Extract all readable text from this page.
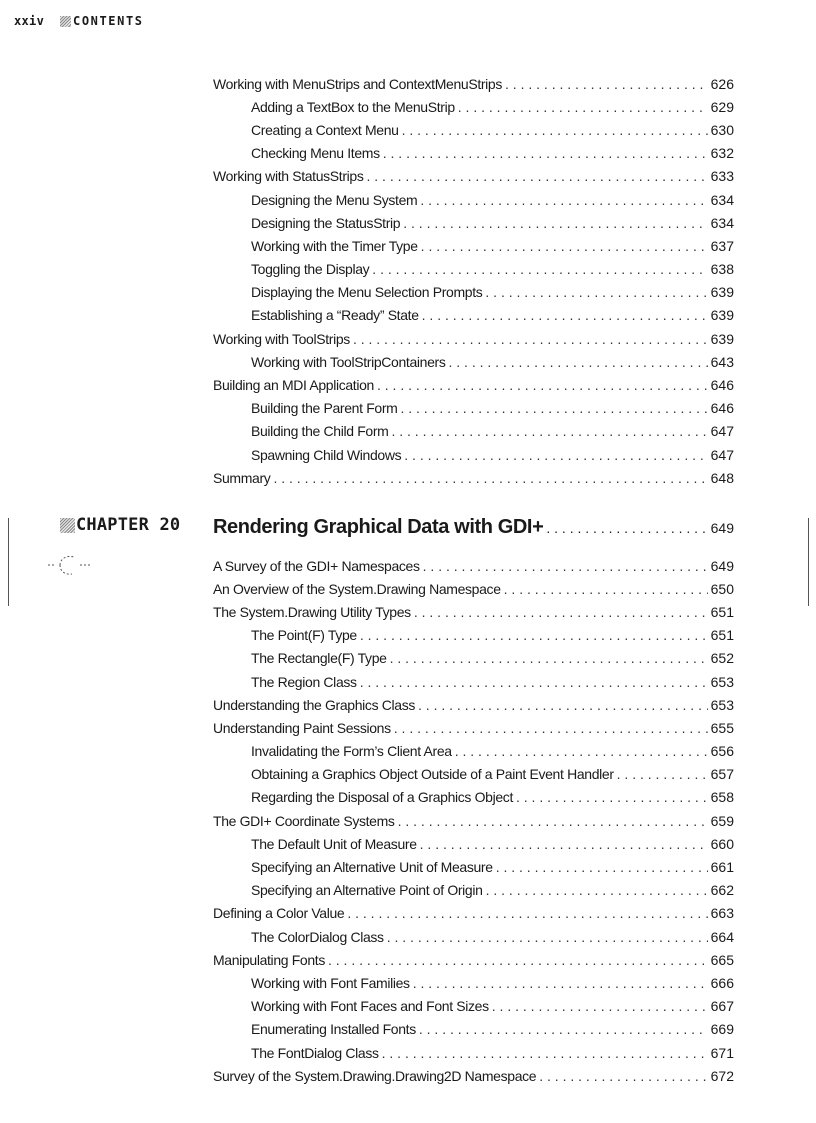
xxiv	CONTENTS
Working with MenuStrips and ContextMenuStrips . . .	626
Adding a TextBox to the MenuStrip . . .	629
Creating a Context Menu . . .	630
Checking Menu Items . . .	632
Working with StatusStrips . . .	633
Designing the Menu System . . .	634
Designing the StatusStrip . . .	634
Working with the Timer Type . . .	637
Toggling the Display . . .	638
Displaying the Menu Selection Prompts . . .	639
Establishing a “Ready” State . . .	639
Working with ToolStrips . . .	639
Working with ToolStripContainers . . .	643
Building an MDI Application . . .	646
Building the Parent Form . . .	646
Building the Child Form . . .	647
Spawning Child Windows . . .	647
Summary . . .	648
CHAPTER 20 Rendering Graphical Data with GDI+ . . .	649
A Survey of the GDI+ Namespaces . . .	649
An Overview of the System.Drawing Namespace . . .	650
The System.Drawing Utility Types . . .	651
The Point(F) Type . . .	651
The Rectangle(F) Type . . .	652
The Region Class . . .	653
Understanding the Graphics Class . . .	653
Understanding Paint Sessions . . .	655
Invalidating the Form’s Client Area . . .	656
Obtaining a Graphics Object Outside of a Paint Event Handler . . .	657
Regarding the Disposal of a Graphics Object . . .	658
The GDI+ Coordinate Systems . . .	659
The Default Unit of Measure . . .	660
Specifying an Alternative Unit of Measure . . .	661
Specifying an Alternative Point of Origin . . .	662
Defining a Color Value . . .	663
The ColorDialog Class . . .	664
Manipulating Fonts . . .	665
Working with Font Families . . .	666
Working with Font Faces and Font Sizes . . .	667
Enumerating Installed Fonts . . .	669
The FontDialog Class . . .	671
Survey of the System.Drawing.Drawing2D Namespace . . .	672
